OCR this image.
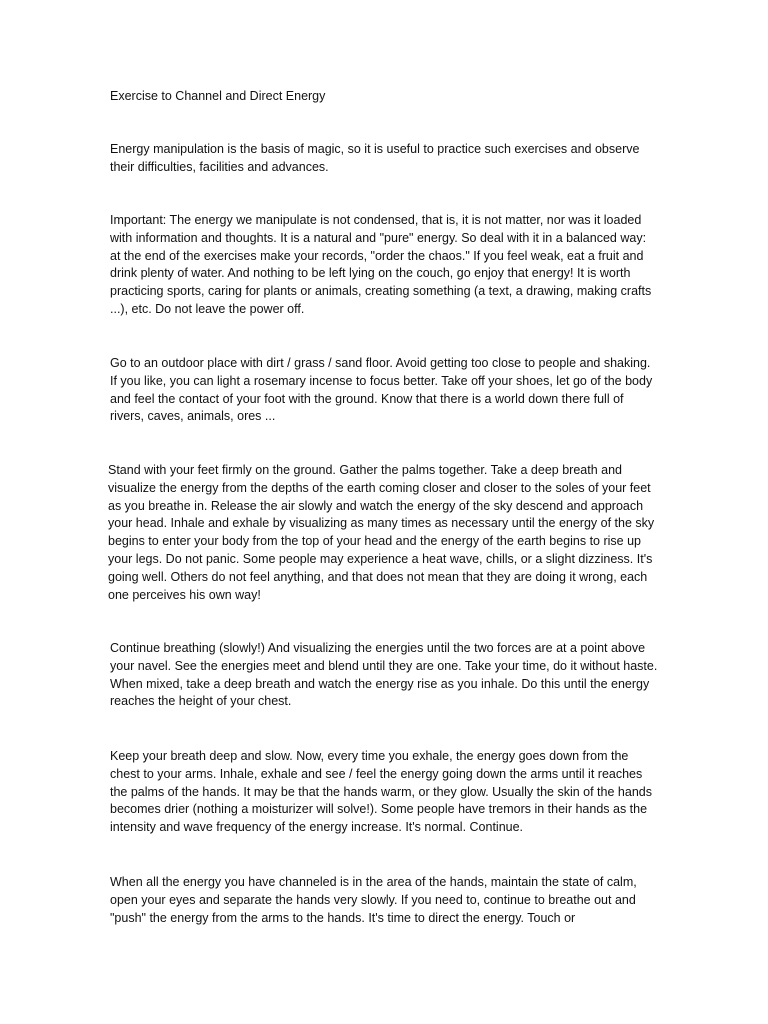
Exercise to Channel and Direct Energy

Energy manipulation is the basis of magic, so it is useful to practice such exercises and observe their difficulties, facilities and advances.

Important: The energy we manipulate is not condensed, that is, it is not matter, nor was it loaded with information and thoughts. It is a natural and "pure" energy. So deal with it in a balanced way: at the end of the exercises make your records, "order the chaos." If you feel weak, eat a fruit and drink plenty of water. And nothing to be left lying on the couch, go enjoy that energy! It is worth practicing sports, caring for plants or animals, creating something (a text, a drawing, making crafts ...), etc. Do not leave the power off.

Go to an outdoor place with dirt / grass / sand floor. Avoid getting too close to people and shaking. If you like, you can light a rosemary incense to focus better. Take off your shoes, let go of the body and feel the contact of your foot with the ground. Know that there is a world down there full of rivers, caves, animals, ores ...

Stand with your feet firmly on the ground. Gather the palms together. Take a deep breath and visualize the energy from the depths of the earth coming closer and closer to the soles of your feet as you breathe in. Release the air slowly and watch the energy of the sky descend and approach your head. Inhale and exhale by visualizing as many times as necessary until the energy of the sky begins to enter your body from the top of your head and the energy of the earth begins to rise up your legs. Do not panic. Some people may experience a heat wave, chills, or a slight dizziness. It's going well. Others do not feel anything, and that does not mean that they are doing it wrong, each one perceives his own way!

Continue breathing (slowly!) And visualizing the energies until the two forces are at a point above your navel. See the energies meet and blend until they are one. Take your time, do it without haste. When mixed, take a deep breath and watch the energy rise as you inhale. Do this until the energy reaches the height of your chest.

Keep your breath deep and slow. Now, every time you exhale, the energy goes down from the chest to your arms. Inhale, exhale and see / feel the energy going down the arms until it reaches the palms of the hands. It may be that the hands warm, or they glow. Usually the skin of the hands becomes drier (nothing a moisturizer will solve!). Some people have tremors in their hands as the intensity and wave frequency of the energy increase. It's normal. Continue.

When all the energy you have channeled is in the area of the hands, maintain the state of calm, open your eyes and separate the hands very slowly. If you need to, continue to breathe out and "push" the energy from the arms to the hands. It's time to direct the energy. Touch or
